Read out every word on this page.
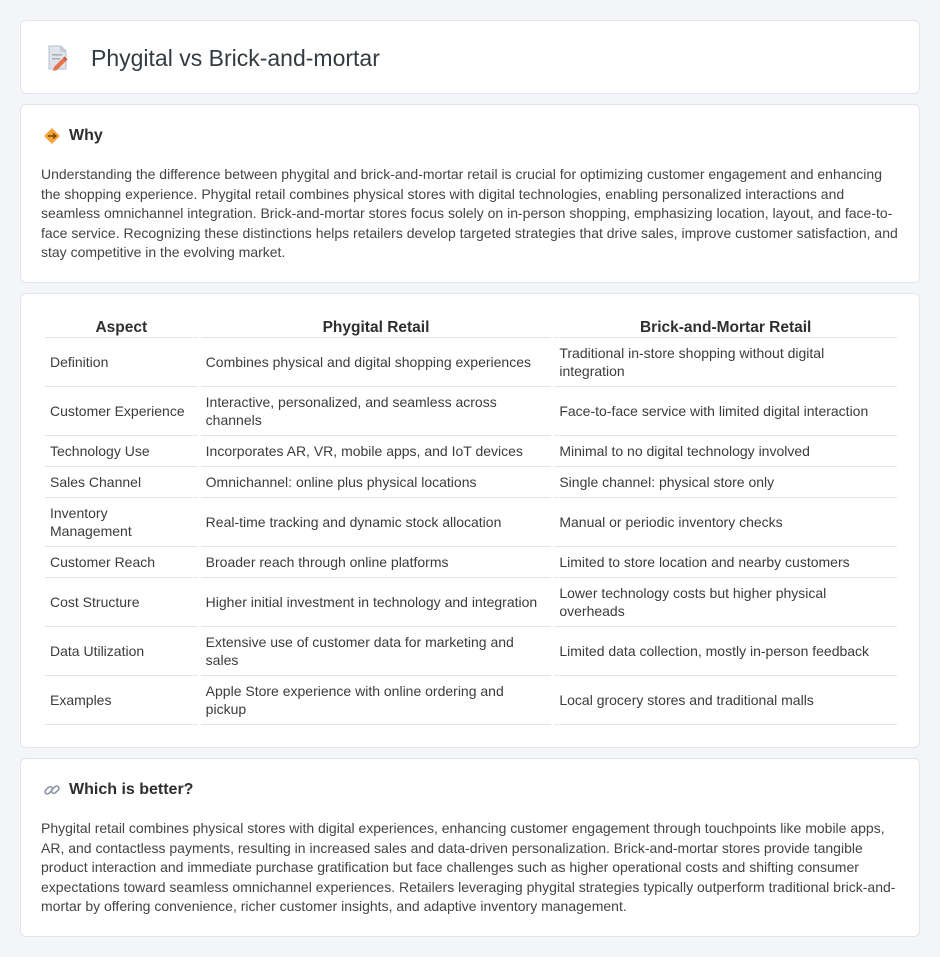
Phygital vs Brick-and-mortar
Why

Understanding the difference between phygital and brick-and-mortar retail is crucial for optimizing customer engagement and enhancing the shopping experience. Phygital retail combines physical stores with digital technologies, enabling personalized interactions and seamless omnichannel integration. Brick-and-mortar stores focus solely on in-person shopping, emphasizing location, layout, and face-to-face service. Recognizing these distinctions helps retailers develop targeted strategies that drive sales, improve customer satisfaction, and stay competitive in the evolving market.

Aspect	Phygital Retail	Brick-and-Mortar Retail
Definition	Combines physical and digital shopping experiences	Traditional in-store shopping without digital integration
Customer Experience	Interactive, personalized, and seamless across channels	Face-to-face service with limited digital interaction
Technology Use	Incorporates AR, VR, mobile apps, and IoT devices	Minimal to no digital technology involved
Sales Channel	Omnichannel: online plus physical locations	Single channel: physical store only
Inventory Management	Real-time tracking and dynamic stock allocation	Manual or periodic inventory checks
Customer Reach	Broader reach through online platforms	Limited to store location and nearby customers
Cost Structure	Higher initial investment in technology and integration	Lower technology costs but higher physical overheads
Data Utilization	Extensive use of customer data for marketing and sales	Limited data collection, mostly in-person feedback
Examples	Apple Store experience with online ordering and pickup	Local grocery stores and traditional malls
Which is better?

Phygital retail combines physical stores with digital experiences, enhancing customer engagement through touchpoints like mobile apps, AR, and contactless payments, resulting in increased sales and data-driven personalization. Brick-and-mortar stores provide tangible product interaction and immediate purchase gratification but face challenges such as higher operational costs and shifting consumer expectations toward seamless omnichannel experiences. Retailers leveraging phygital strategies typically outperform traditional brick-and-mortar by offering convenience, richer customer insights, and adaptive inventory management.
